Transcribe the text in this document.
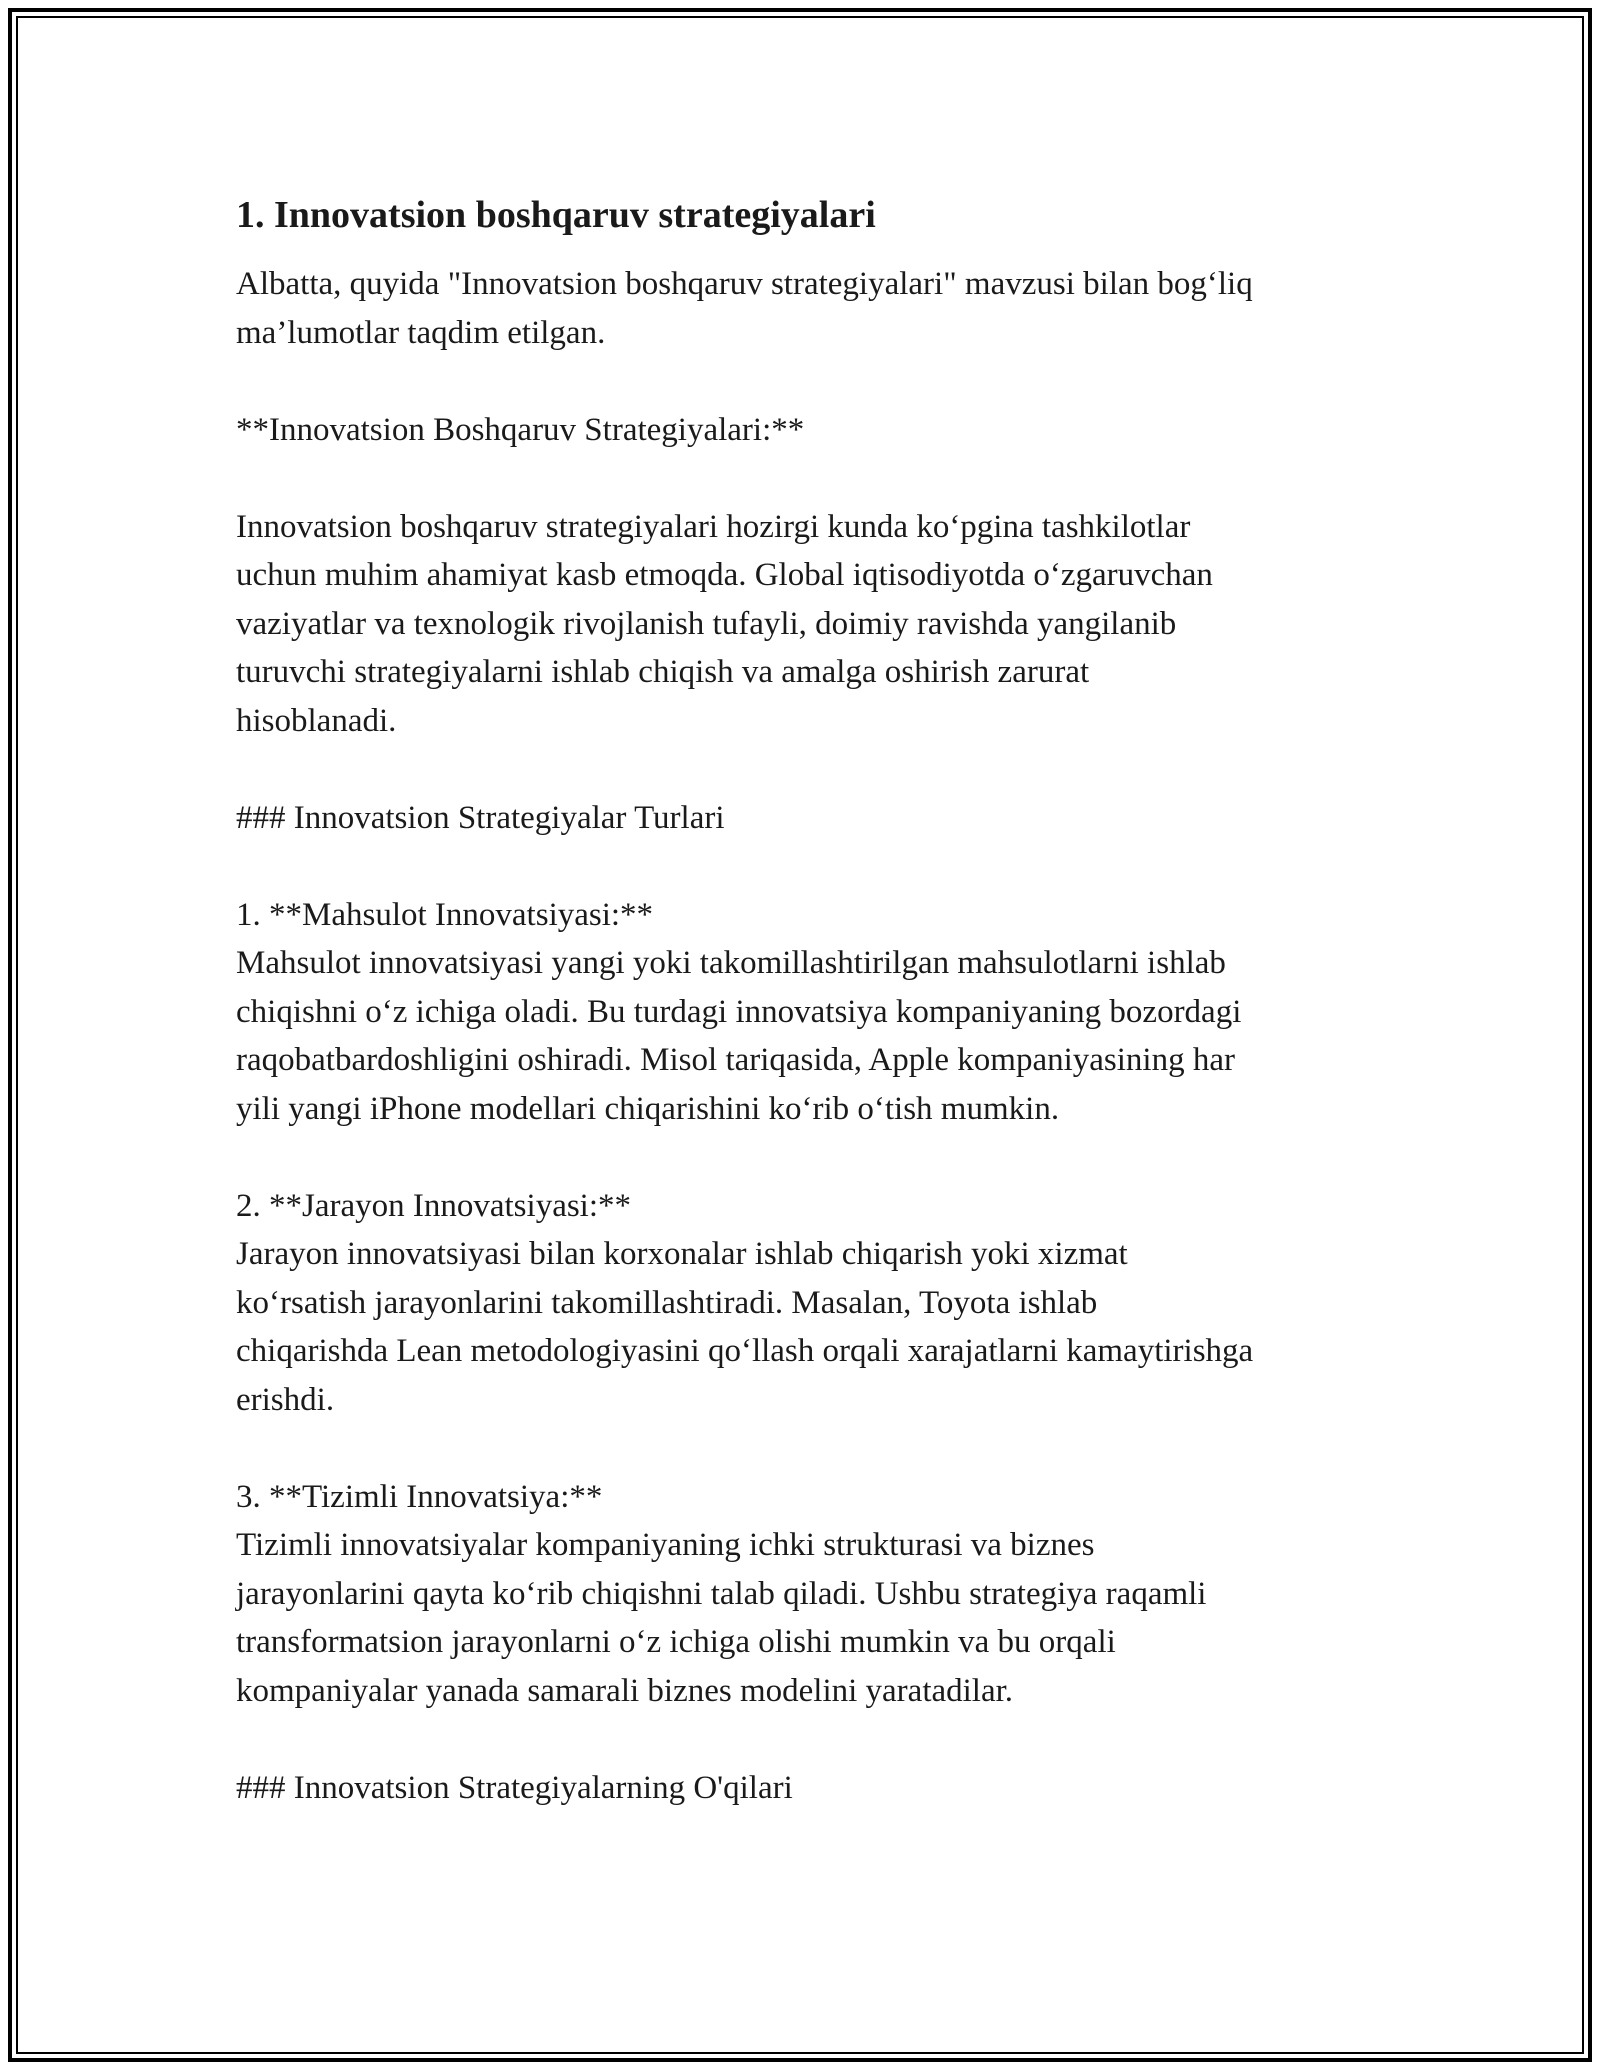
1. Innovatsion boshqaruv strategiyalari

Albatta, quyida "Innovatsion boshqaruv strategiyalari" mavzusi bilan bog‘liq
ma’lumotlar taqdim etilgan.

**Innovatsion Boshqaruv Strategiyalari:**

Innovatsion boshqaruv strategiyalari hozirgi kunda ko‘pgina tashkilotlar
uchun muhim ahamiyat kasb etmoqda. Global iqtisodiyotda o‘zgaruvchan
vaziyatlar va texnologik rivojlanish tufayli, doimiy ravishda yangilanib
turuvchi strategiyalarni ishlab chiqish va amalga oshirish zarurat
hisoblanadi.

### Innovatsion Strategiyalar Turlari

1. **Mahsulot Innovatsiyasi:**

Mahsulot innovatsiyasi yangi yoki takomillashtirilgan mahsulotlarni ishlab
chiqishni o‘z ichiga oladi. Bu turdagi innovatsiya kompaniyaning bozordagi
raqobatbardoshligini oshiradi. Misol tariqasida, Apple kompaniyasining har
yili yangi iPhone modellari chiqarishini ko‘rib o‘tish mumkin.

2. **Jarayon Innovatsiyasi:**

Jarayon innovatsiyasi bilan korxonalar ishlab chiqarish yoki xizmat
ko‘rsatish jarayonlarini takomillashtiradi. Masalan, Toyota ishlab
chiqarishda Lean metodologiyasini qo‘llash orqali xarajatlarni kamaytirishga
erishdi.

3. **Tizimli Innovatsiya:**

Tizimli innovatsiyalar kompaniyaning ichki strukturasi va biznes
jarayonlarini qayta ko‘rib chiqishni talab qiladi. Ushbu strategiya raqamli
transformatsion jarayonlarni o‘z ichiga olishi mumkin va bu orqali
kompaniyalar yanada samarali biznes modelini yaratadilar.

### Innovatsion Strategiyalarning O'qilari
